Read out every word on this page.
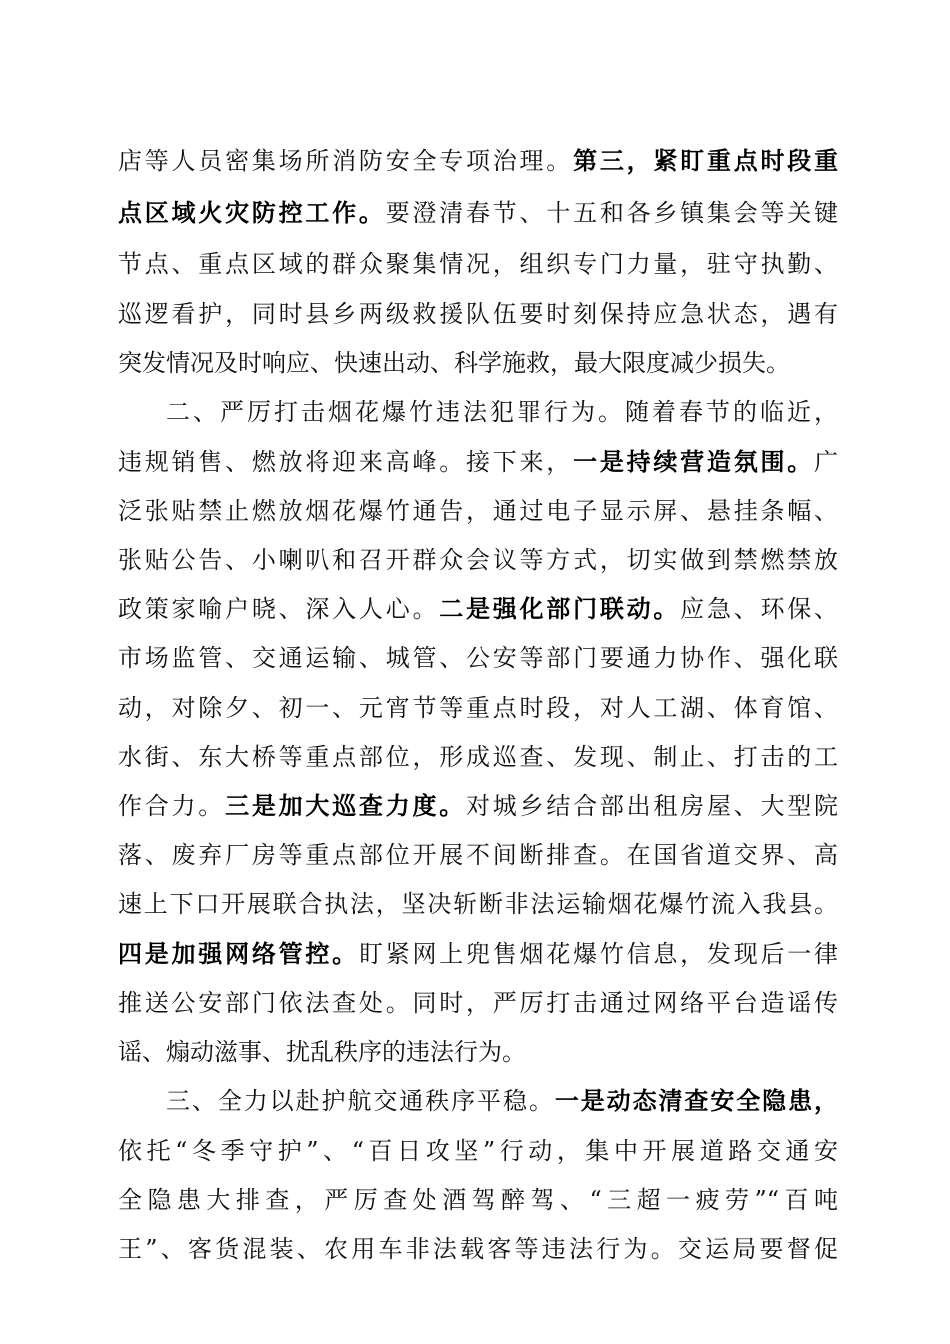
店等人员密集场所消防安全专项治理。第三，紧盯重点时段重
点区域火灾防控工作。要澄清春节、十五和各乡镇集会等关键
节点、重点区域的群众聚集情况，组织专门力量，驻守执勤、
巡逻看护，同时县乡两级救援队伍要时刻保持应急状态，遇有
突发情况及时响应、快速出动、科学施救，最大限度减少损失。
二、严厉打击烟花爆竹违法犯罪行为。随着春节的临近，
违规销售、燃放将迎来高峰。接下来，一是持续营造氛围。广
泛张贴禁止燃放烟花爆竹通告，通过电子显示屏、悬挂条幅、
张贴公告、小喇叭和召开群众会议等方式，切实做到禁燃禁放
政策家喻户晓、深入人心。二是强化部门联动。应急、环保、
市场监管、交通运输、城管、公安等部门要通力协作、强化联
动，对除夕、初一、元宵节等重点时段，对人工湖、体育馆、
水街、东大桥等重点部位，形成巡查、发现、制止、打击的工
作合力。三是加大巡查力度。对城乡结合部出租房屋、大型院
落、废弃厂房等重点部位开展不间断排查。在国省道交界、高
速上下口开展联合执法，坚决斩断非法运输烟花爆竹流入我县。
四是加强网络管控。盯紧网上兜售烟花爆竹信息，发现后一律
推送公安部门依法查处。同时，严厉打击通过网络平台造谣传
谣、煽动滋事、扰乱秩序的违法行为。
三、全力以赴护航交通秩序平稳。一是动态清查安全隐患，
依托“冬季守护”、“百日攻坚”行动，集中开展道路交通安
全隐患大排查，严厉查处酒驾醉驾、“三超一疲劳”“百吨
王”、客货混装、农用车非法载客等违法行为。交运局要督促
